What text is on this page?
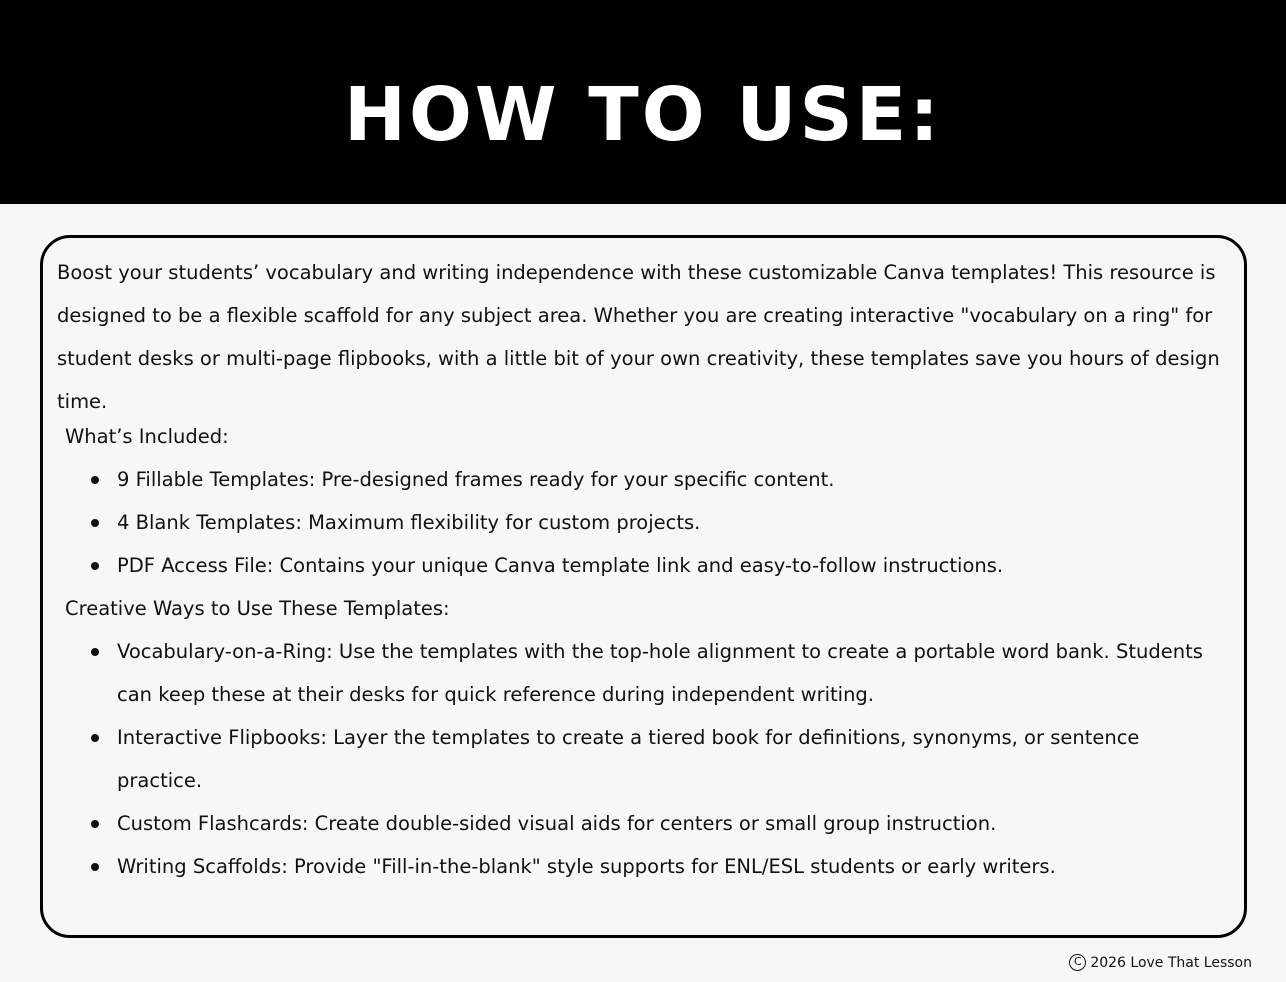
HOW TO USE:

Boost your students’ vocabulary and writing independence with these customizable Canva templates! This resource is designed to be a flexible scaffold for any subject area. Whether you are creating interactive "vocabulary on a ring" for student desks or multi-page flipbooks, with a little bit of your own creativity, these templates save you hours of design time.

What’s Included:

9 Fillable Templates: Pre-designed frames ready for your specific content.
4 Blank Templates: Maximum flexibility for custom projects.
PDF Access File: Contains your unique Canva template link and easy-to-follow instructions.

Creative Ways to Use These Templates:

Vocabulary-on-a-Ring: Use the templates with the top-hole alignment to create a portable word bank. Students can keep these at their desks for quick reference during independent writing.
Interactive Flipbooks: Layer the templates to create a tiered book for definitions, synonyms, or sentence practice.
Custom Flashcards: Create double-sided visual aids for centers or small group instruction.
Writing Scaffolds: Provide "Fill-in-the-blank" style supports for ENL/ESL students or early writers.
C 2026 Love That Lesson
